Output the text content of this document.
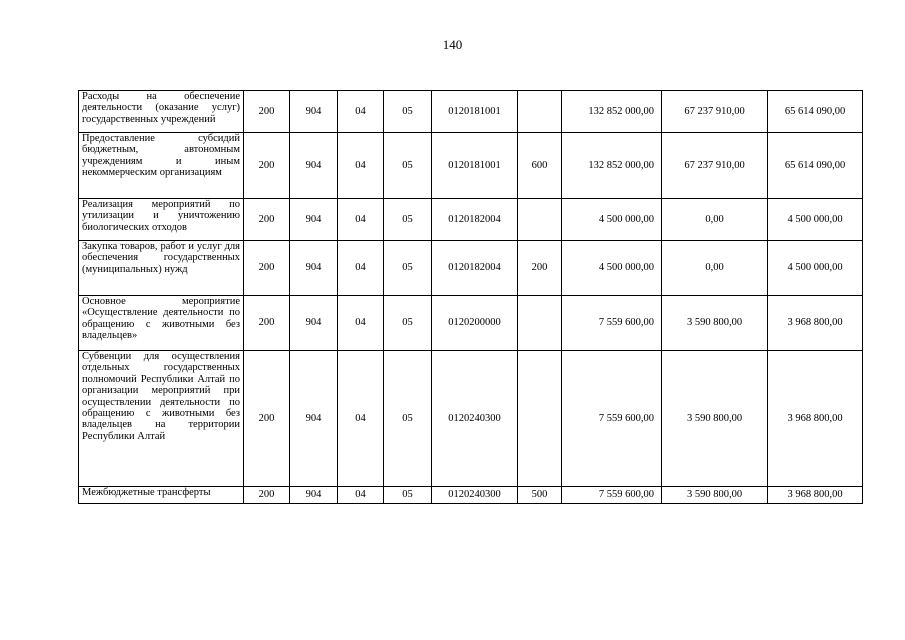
140
Расходы на обеспечение деятельности (оказание услуг) государственных учреждений	200	904	04	05	0120181001		132 852 000,00	67 237 910,00	65 614 090,00
Предоставление субсидий бюджетным, автономным учреждениям и иным некоммерческим организациям	200	904	04	05	0120181001	600	132 852 000,00	67 237 910,00	65 614 090,00
Реализация мероприятий по утилизации и уничтожению биологических отходов	200	904	04	05	0120182004		4 500 000,00	0,00	4 500 000,00
Закупка товаров, работ и услуг для обеспечения государственных (муниципальных) нужд	200	904	04	05	0120182004	200	4 500 000,00	0,00	4 500 000,00
Основное мероприятие «Осуществление деятельности по обращению с животными без владельцев»	200	904	04	05	0120200000		7 559 600,00	3 590 800,00	3 968 800,00
Субвенции для осуществления отдельных государственных полномочий Республики Алтай по организации мероприятий при осуществлении деятельности по обращению с животными без владельцев на территории Республики Алтай	200	904	04	05	0120240300		7 559 600,00	3 590 800,00	3 968 800,00
Межбюджетные трансферты	200	904	04	05	0120240300	500	7 559 600,00	3 590 800,00	3 968 800,00
